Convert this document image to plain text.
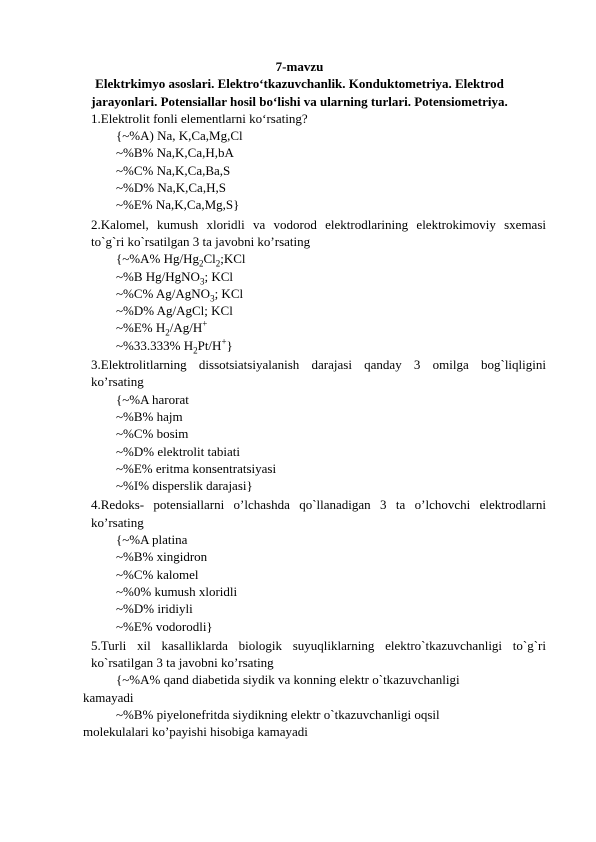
7-mavzu
Elektrkimyo asoslari. Elektro‘tkazuvchanlik. Konduktometriya. Elektrod
jarayonlari. Potensiallar hosil bo‘lishi va ularning turlari. Potensiometriya.
1.Elektrolit fonli elementlarni ko‘rsating?
{~%A) Na, K,Ca,Mg,Cl
~%B% Na,K,Ca,H,bA
~%C% Na,K,Ca,Ba,S
~%D% Na,K,Ca,H,S
~%E% Na,K,Ca,Mg,S}
2.Kalomel, kumush xloridli va vodorod elektrodlarining elektrokimoviy sxemasi to`g`ri ko`rsatilgan 3 ta javobni ko’rsating
{~%A% $Hg/Hg_2Cl_2;KCl$
~%B Hg/HgNO$_3$; KCl
~%C% Ag/AgNO$_3$; KCl
~%D% Ag/AgCl; KCl
~%E% $H_2/Ag/H^+$
~%33.333% $H_2Pt/H^+$}
3.Elektrolitlarning dissotsiatsiyalanish darajasi qanday 3 omilga bog`liqligini ko’rsating
{~%A harorat
~%B% hajm
~%C% bosim
~%D% elektrolit tabiati
~%E% eritma konsentratsiyasi
~%I% disperslik darajasi}
4.Redoks- potensiallarni o’lchashda qo`llanadigan 3 ta o’lchovchi elektrodlarni ko’rsating
{~%A platina
~%B% xingidron
~%C% kalomel
~%0% kumush xloridli
~%D% iridiyli
~%E% vodorodli}
5.Turli xil kasalliklarda biologik suyuqliklarning elektro`tkazuvchanligi to`g`ri ko`rsatilgan 3 ta javobni ko’rsating
{~%A% qand diabetida siydik va konning elektr o`tkazuvchanligi
kamayadi
~%B% piyelonefritda siydikning elektr o`tkazuvchanligi oqsil
molekulalari ko’payishi hisobiga kamayadi
